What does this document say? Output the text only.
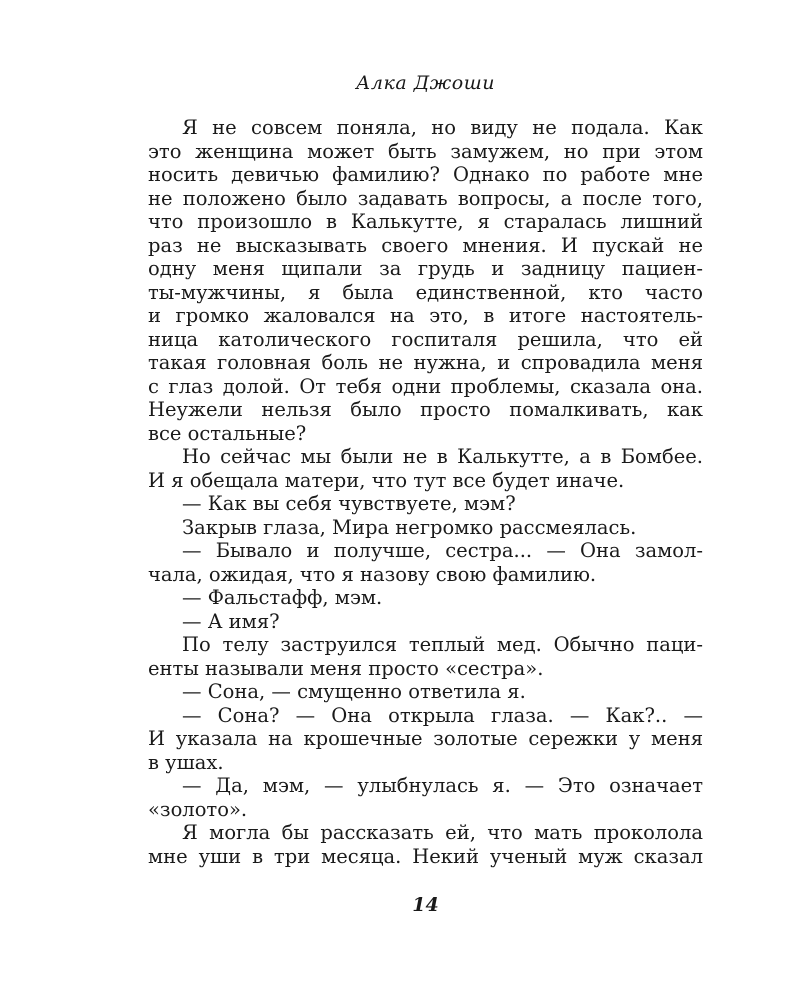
Алка Джоши
Я не совсем поняла, но виду не подала. Как
это женщина может быть замужем, но при этом
носить девичью фамилию? Однако по работе мне
не положено было задавать вопросы, а после того,
что произошло в Калькутте, я старалась лишний
раз не высказывать своего мнения. И пускай не
одну меня щипали за грудь и задницу пациен-
ты-мужчины, я была единственной, кто часто
и громко жаловался на это, в итоге настоятель-
ница католического госпиталя решила, что ей
такая головная боль не нужна, и спровадила меня
с глаз долой. От тебя одни проблемы, сказала она.
Неужели нельзя было просто помалкивать, как
все остальные?
Но сейчас мы были не в Калькутте, а в Бомбее.
И я обещала матери, что тут все будет иначе.
— Как вы себя чувствуете, мэм?
Закрыв глаза, Мира негромко рассмеялась.
— Бывало и получше, сестра... — Она замол-
чала, ожидая, что я назову свою фамилию.
— Фальстафф, мэм.
— А имя?
По телу заструился теплый мед. Обычно паци-
енты называли меня просто «сестра».
— Сона, — смущенно ответила я.
— Сона? — Она открыла глаза. — Как?.. —
И указала на крошечные золотые сережки у меня
в ушах.
— Да, мэм, — улыбнулась я. — Это означает
«золото».
Я могла бы рассказать ей, что мать проколола
мне уши в три месяца. Некий ученый муж сказал
14
